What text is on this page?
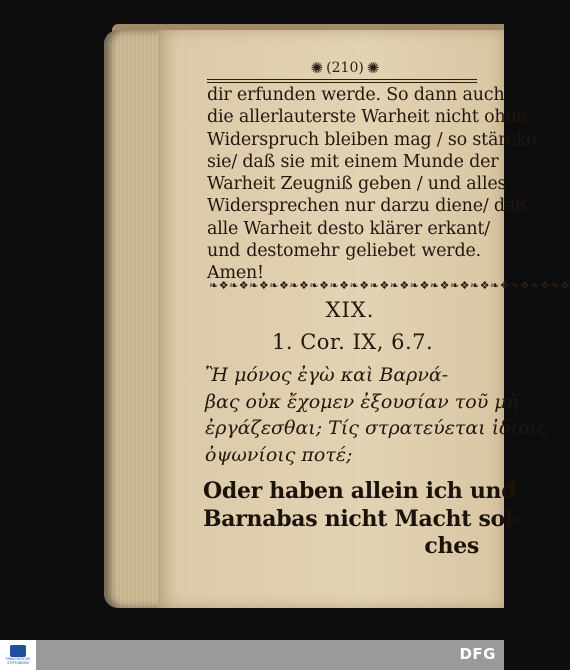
✺ (210) ✺
dir erfunden werde. So dann auch
die allerlauterste Warheit nicht ohne
Widerspruch bleiben mag / so stärcke
sie/ daß sie mit einem Munde der
Warheit Zeugniß geben / und alles
Widersprechen nur darzu diene/ daß
alle Warheit desto klärer erkant/
und destomehr geliebet werde.
Amen!
❧❖❧❖❧❖❧❖❧❖❧❖❧❖❧❖❧❖❧❖❧❖❧❖❧❖❧❖❧❖❧❖❧❖❧❖
XIX.
1. Cor. IX, 6.7.
Ἢ μόνος ἐγὼ καὶ Βαρνά-
βας οὐκ ἔχομεν ἐξουσίαν τοῦ μὴ
ἐργάζεσθαι; Τίς στρατεύεται ἰδίοις
ὀψωνίοις ποτέ;
Oder haben allein ich und
Barnabas nicht Macht sol-
ches
FRANCKESCHE
STIFTUNGEN	DFG
